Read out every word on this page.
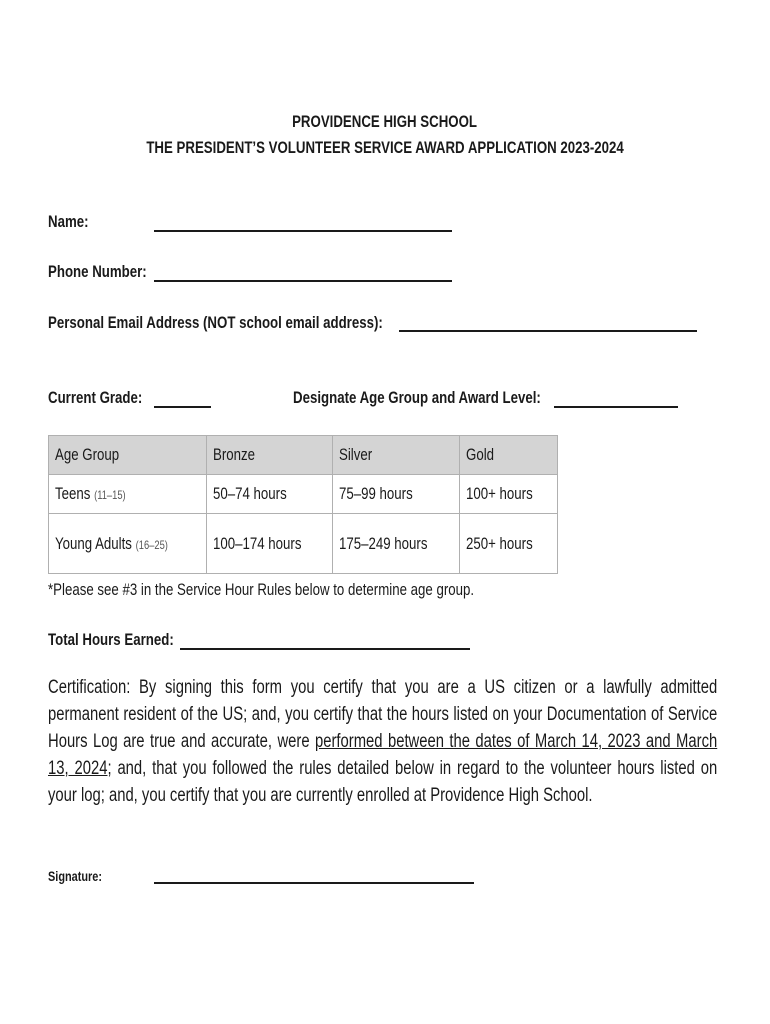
PROVIDENCE HIGH SCHOOL
THE PRESIDENT’S VOLUNTEER SERVICE AWARD APPLICATION 2023-2024
Name:
Phone Number:
Personal Email Address (NOT school email address):
Current Grade:	Designate Age Group and Award Level:
Age Group	Bronze	Silver	Gold
Teens (11–15)	50–74 hours	75–99 hours	100+ hours
Young Adults (16–25)	100–174 hours	175–249 hours	250+ hours
*Please see #3 in the Service Hour Rules below to determine age group.
Total Hours Earned:
Certification: By signing this form you certify that you are a US citizen or a lawfully admitted permanent resident of the US; and, you certify that the hours listed on your Documentation of Service Hours Log are true and accurate, were performed between the dates of March 14, 2023 and March 13, 2024; and, that you followed the rules detailed below in regard to the volunteer hours listed on your log; and, you certify that you are currently enrolled at Providence High School.
Signature:
